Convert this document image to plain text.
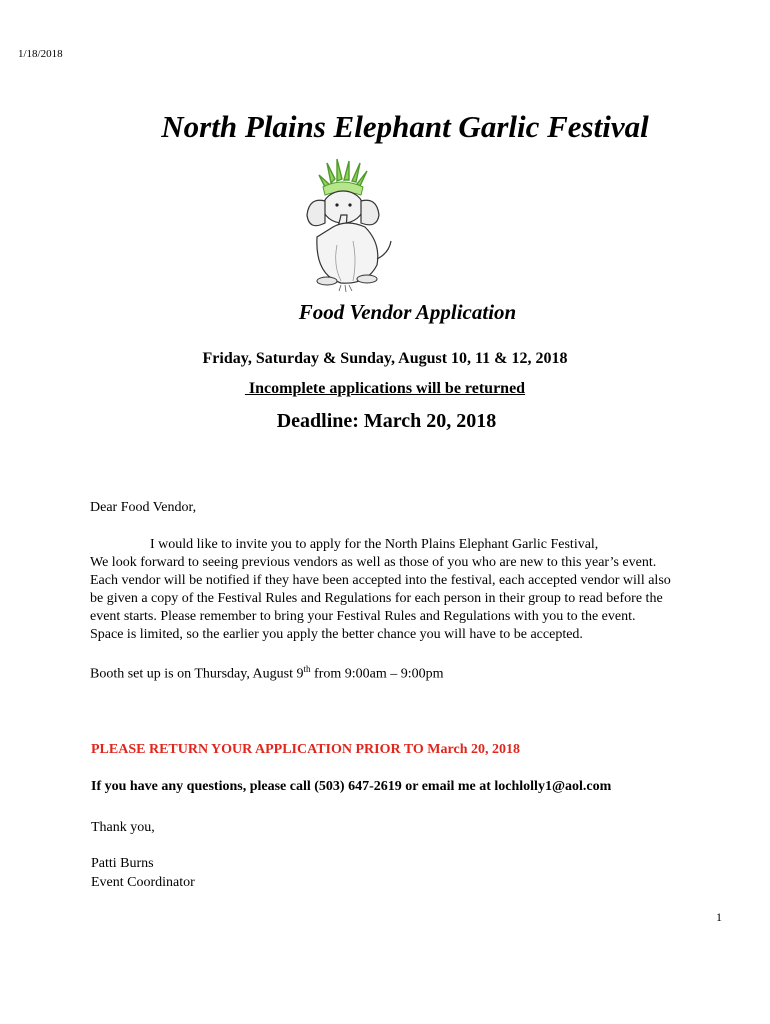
1/18/2018
North Plains Elephant Garlic Festival
Food Vendor Application
Friday, Saturday & Sunday, August 10, 11 & 12, 2018
Incomplete applications will be returned
Deadline: March 20, 2018
Dear Food Vendor,
I would like to invite you to apply for the North Plains Elephant Garlic Festival,
We look forward to seeing previous vendors as well as those of you who are new to this year’s event.
Each vendor will be notified if they have been accepted into the festival, each accepted vendor will also
be given a copy of the Festival Rules and Regulations for each person in their group to read before the
event starts. Please remember to bring your Festival Rules and Regulations with you to the event.
Space is limited, so the earlier you apply the better chance you will have to be accepted.
Booth set up is on Thursday, August 9th from 9:00am – 9:00pm
PLEASE RETURN YOUR APPLICATION PRIOR TO March 20, 2018
If you have any questions, please call (503) 647-2619 or email me at lochlolly1@aol.com
Thank you,
Patti Burns
Event Coordinator
1
